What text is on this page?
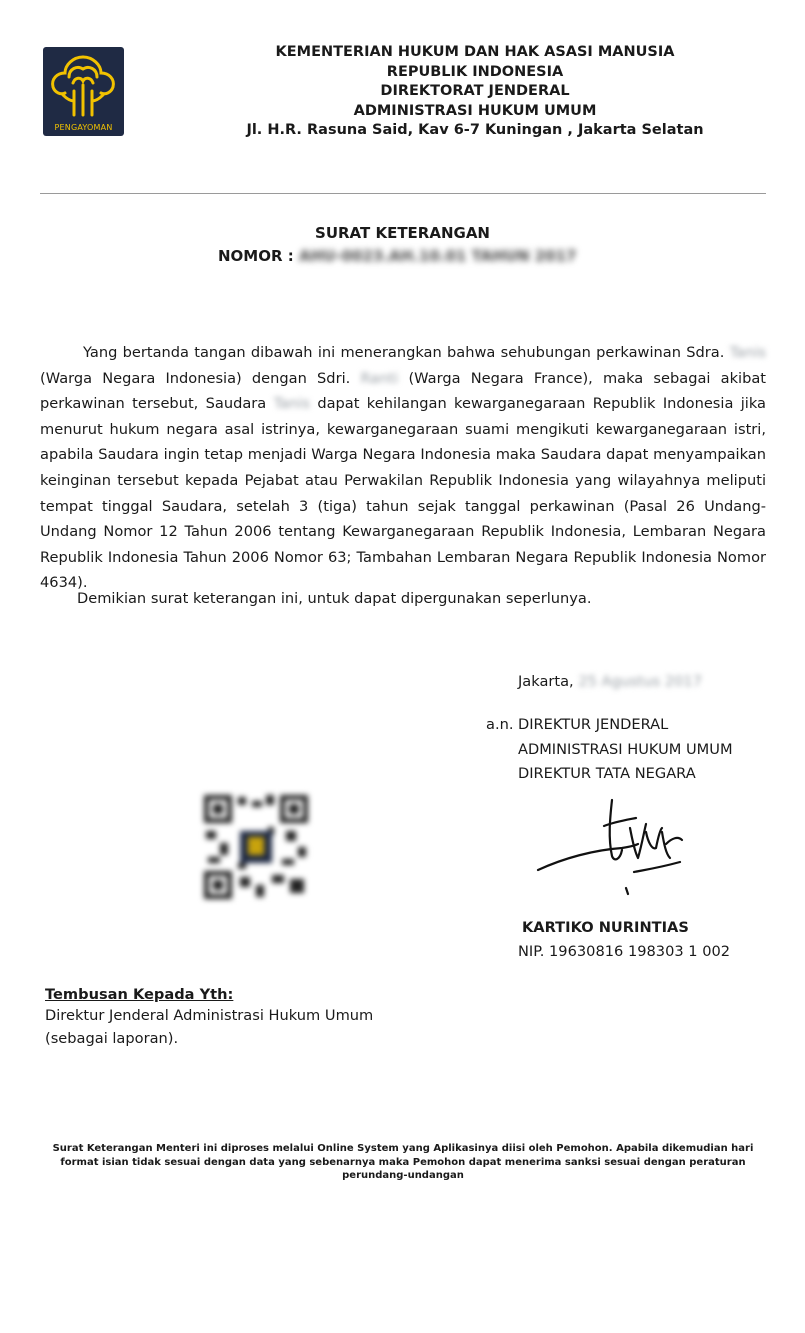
PENGAYOMAN
KEMENTERIAN HUKUM DAN HAK ASASI MANUSIA
REPUBLIK INDONESIA
DIREKTORAT JENDERAL
ADMINISTRASI HUKUM UMUM
Jl. H.R. Rasuna Said, Kav 6-7 Kuningan , Jakarta Selatan
SURAT KETERANGAN
NOMOR : AHU-0023.AH.10.01 TAHUN 2017
Yang bertanda tangan dibawah ini menerangkan bahwa sehubungan perkawinan Sdra. Tanis (Warga Negara Indonesia) dengan Sdri. Ranti (Warga Negara France), maka sebagai akibat perkawinan tersebut, Saudara Tanis dapat kehilangan kewarganegaraan Republik Indonesia jika menurut hukum negara asal istrinya, kewarganegaraan suami mengikuti kewarganegaraan istri, apabila Saudara ingin tetap menjadi Warga Negara Indonesia maka Saudara dapat menyampaikan keinginan tersebut kepada Pejabat atau Perwakilan Republik Indonesia yang wilayahnya meliputi tempat tinggal Saudara, setelah 3 (tiga) tahun sejak tanggal perkawinan (Pasal 26 Undang-Undang Nomor 12 Tahun 2006 tentang Kewarganegaraan Republik Indonesia, Lembaran Negara Republik Indonesia Tahun 2006 Nomor 63; Tambahan Lembaran Negara Republik Indonesia Nomor 4634).
Demikian surat keterangan ini, untuk dapat dipergunakan seperlunya.
Jakarta, 25 Agustus 2017
a.n. DIREKTUR JENDERAL
ADMINISTRASI HUKUM UMUM
DIREKTUR TATA NEGARA
KARTIKO NURINTIAS
NIP. 19630816 198303 1 002
Tembusan Kepada Yth:
Direktur Jenderal Administrasi Hukum Umum
(sebagai laporan).
Surat Keterangan Menteri ini diproses melalui Online System yang Aplikasinya diisi oleh Pemohon. Apabila dikemudian hari format isian tidak sesuai dengan data yang sebenarnya maka Pemohon dapat menerima sanksi sesuai dengan peraturan perundang-undangan
